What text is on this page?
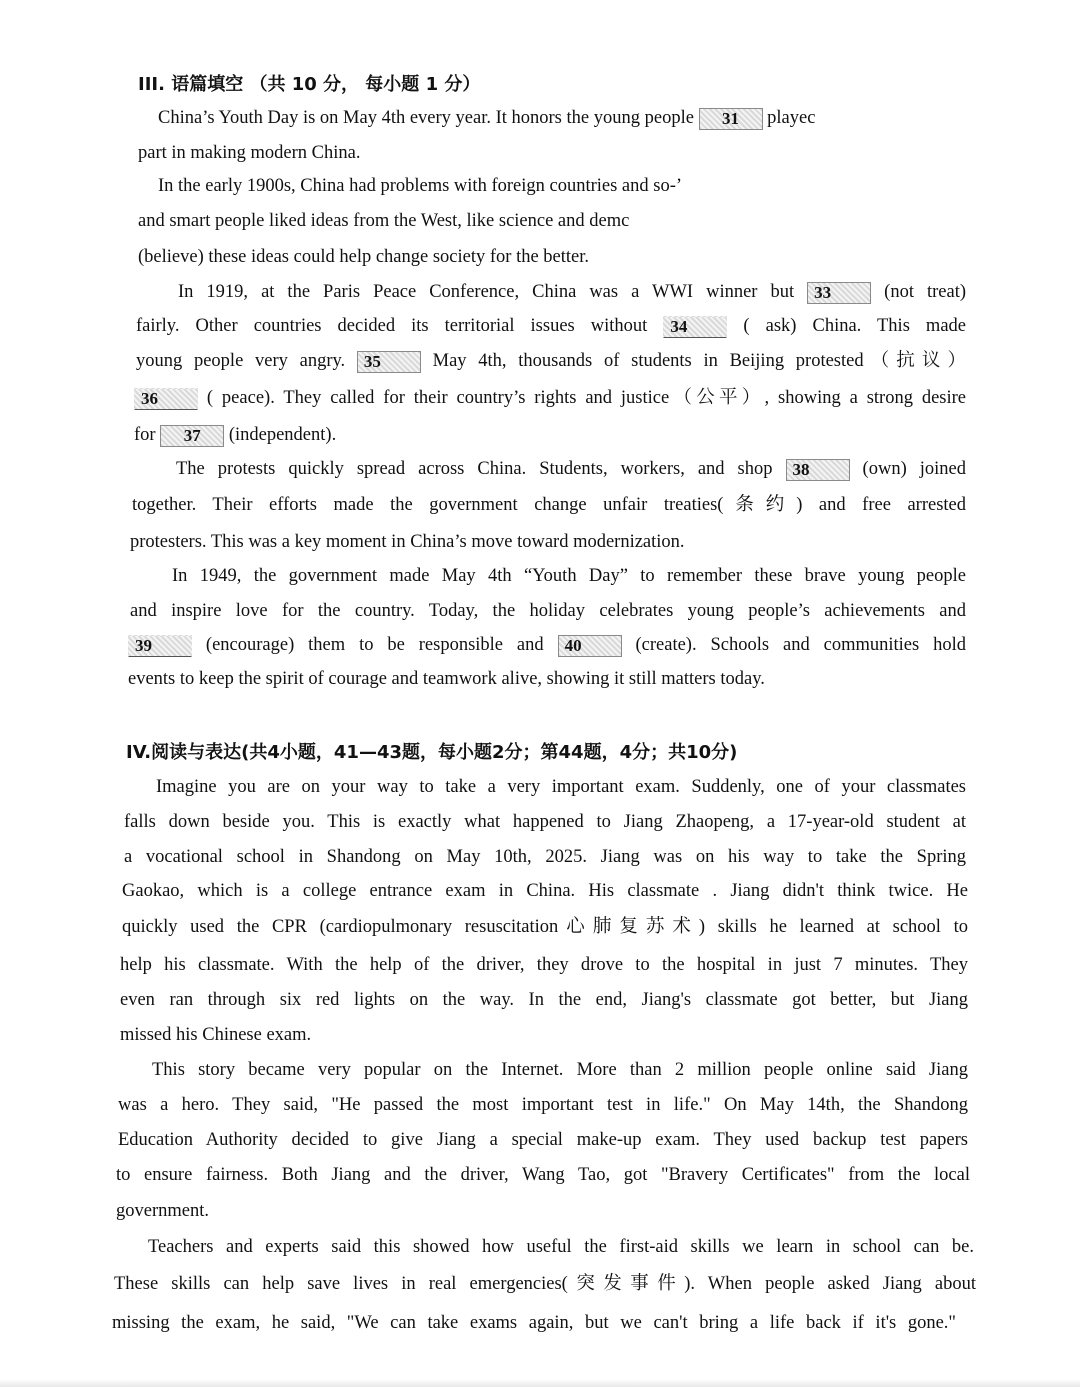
III. 语篇填空 （共 10 分， 每小题 1 分）
China’s Youth Day is on May 4th every year. It honors the young people 31 playec
part in making modern China.
In the early 1900s, China had problems with foreign countries and so‑’
and smart people liked ideas from the West, like science and demc
(believe) these ideas could help change society for the better.
In 1919, at the Paris Peace Conference, China was a WWI winner but 33	(not treat)
fairly. Other countries decided its territorial issues without 34	( ask) China. This made
young people very angry. 35	May 4th, thousands of students in Beijing protested（抗议）
36	( peace). They called for their country’s rights and justice（公平）, showing a strong desire
for 37 (independent).
The protests quickly spread across China. Students, workers, and shop 38	(own) joined
together. Their efforts made the government change unfair treaties(条约) and free arrested
protesters. This was a key moment in China’s move toward modernization.
In 1949, the government made May 4th “Youth Day” to remember these brave young people
and inspire love for the country. Today, the holiday celebrates young people’s achievements and
39	(encourage) them to be responsible and 40	(create). Schools and communities hold
events to keep the spirit of courage and teamwork alive, showing it still matters today.
IV.阅读与表达(共4小题，41—43题，每小题2分；第44题，4分；共10分)
Imagine you are on your way to take a very important exam. Suddenly, one of your classmates
falls down beside you. This is exactly what happened to Jiang Zhaopeng, a 17-year-old student at
a vocational school in Shandong on May 10th, 2025. Jiang was on his way to take the Spring
Gaokao, which is a college entrance exam in China. His classmate . Jiang didn't think twice. He
quickly used the CPR (cardiopulmonary resuscitation心肺复苏术) skills he learned at school to
help his classmate. With the help of the driver, they drove to the hospital in just 7 minutes. They
even ran through six red lights on the way. In the end, Jiang's classmate got better, but Jiang
missed his Chinese exam.
This story became very popular on the Internet. More than 2 million people online said Jiang
was a hero. They said, "He passed the most important test in life." On May 14th, the Shandong
Education Authority decided to give Jiang a special make-up exam. They used backup test papers
to ensure fairness. Both Jiang and the driver, Wang Tao, got "Bravery Certificates" from the local
government.
Teachers and experts said this showed how useful the first-aid skills we learn in school can be.
These skills can help save lives in real emergencies(突发事件). When people asked Jiang about
missing the exam, he said, "We can take exams again, but we can't bring a life back if it's gone."
